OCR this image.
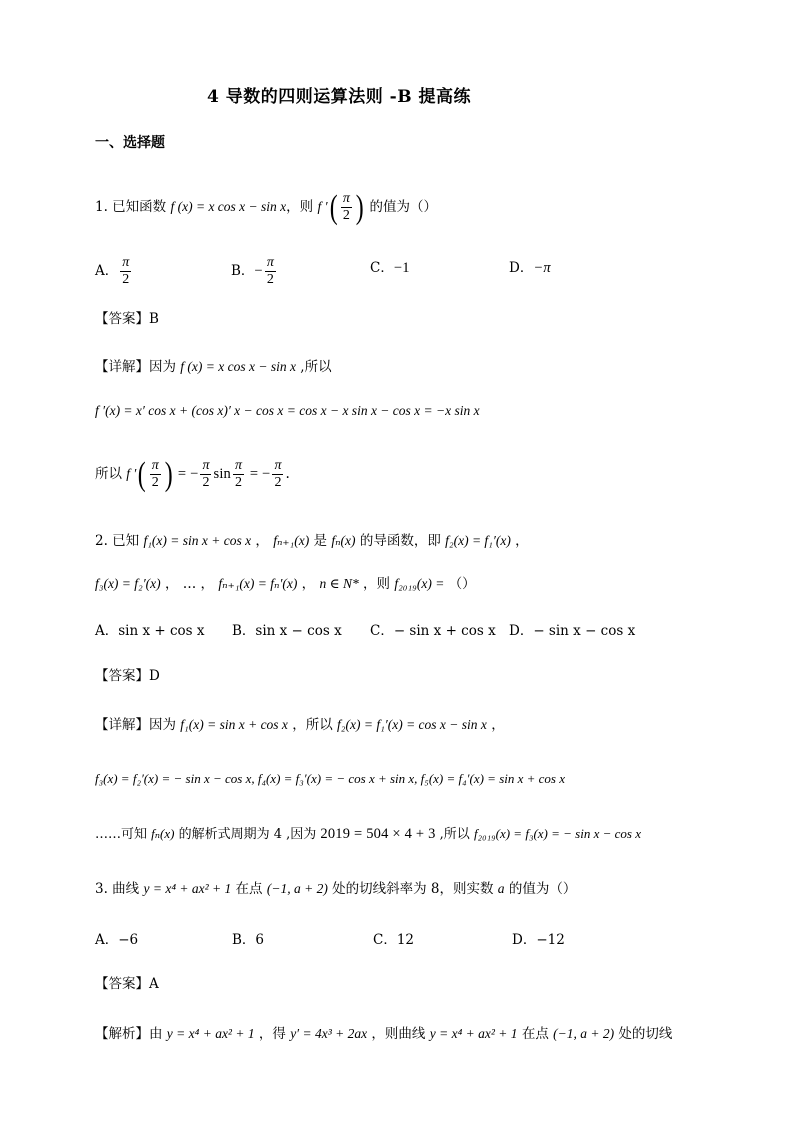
4 导数的四则运算法则 -B 提高练
一、选择题
1. 已知函数 f (x) = x cos x − sin x，则 f ′( $\frac{\pi}{2}$ ) 的值为（）
A． $\frac{\pi}{2}$	B．− $\frac{\pi}{2}$	C．−1	D．−π
【答案】B
【详解】因为 f (x) = x cos x − sin x ,所以
f ′(x) = x′ cos x + (cos x)′ x − cos x = cos x − x sin x − cos x = −x sin x
所以 f ′( $\frac{\pi}{2}$ ) = − $\frac{\pi}{2}$ $\sin \frac{\pi}{2}$ = − $\frac{\pi}{2}$ .
2. 已知 f₁(x) = sin x + cos x ， fₙ₊₁(x) 是 fₙ(x) 的导函数，即 f₂(x) = f₁′(x) ，
f₃(x) = f₂′(x) ， … ， fₙ₊₁(x) = fₙ′(x) ， n ∈ N* ，则 f₂₀₁₉(x) = （）
A．sin x + cos x B．sin x − cos x C．− sin x + cos x D．− sin x − cos x
【答案】D
【详解】因为 f₁(x) = sin x + cos x ，所以 f₂(x) = f₁′(x) = cos x − sin x ，
f₃(x) = f₂′(x) = − sin x − cos x, f₄(x) = f₃′(x) = − cos x + sin x, f₅(x) = f₄′(x) = sin x + cos x
……可知 fₙ(x) 的解析式周期为 4 ,因为 2019 = 504 × 4 + 3 ,所以 f₂₀₁₉(x) = f₃(x) = − sin x − cos x
3. 曲线 y = x⁴ + ax² + 1 在点 (−1, a + 2) 处的切线斜率为 8，则实数 a 的值为（）
A．−6	B．6	C．12	D．−12
【答案】A
【解析】由 y = x⁴ + ax² + 1 ，得 y′ = 4x³ + 2ax ，则曲线 y = x⁴ + ax² + 1 在点 (−1, a + 2) 处的切线
